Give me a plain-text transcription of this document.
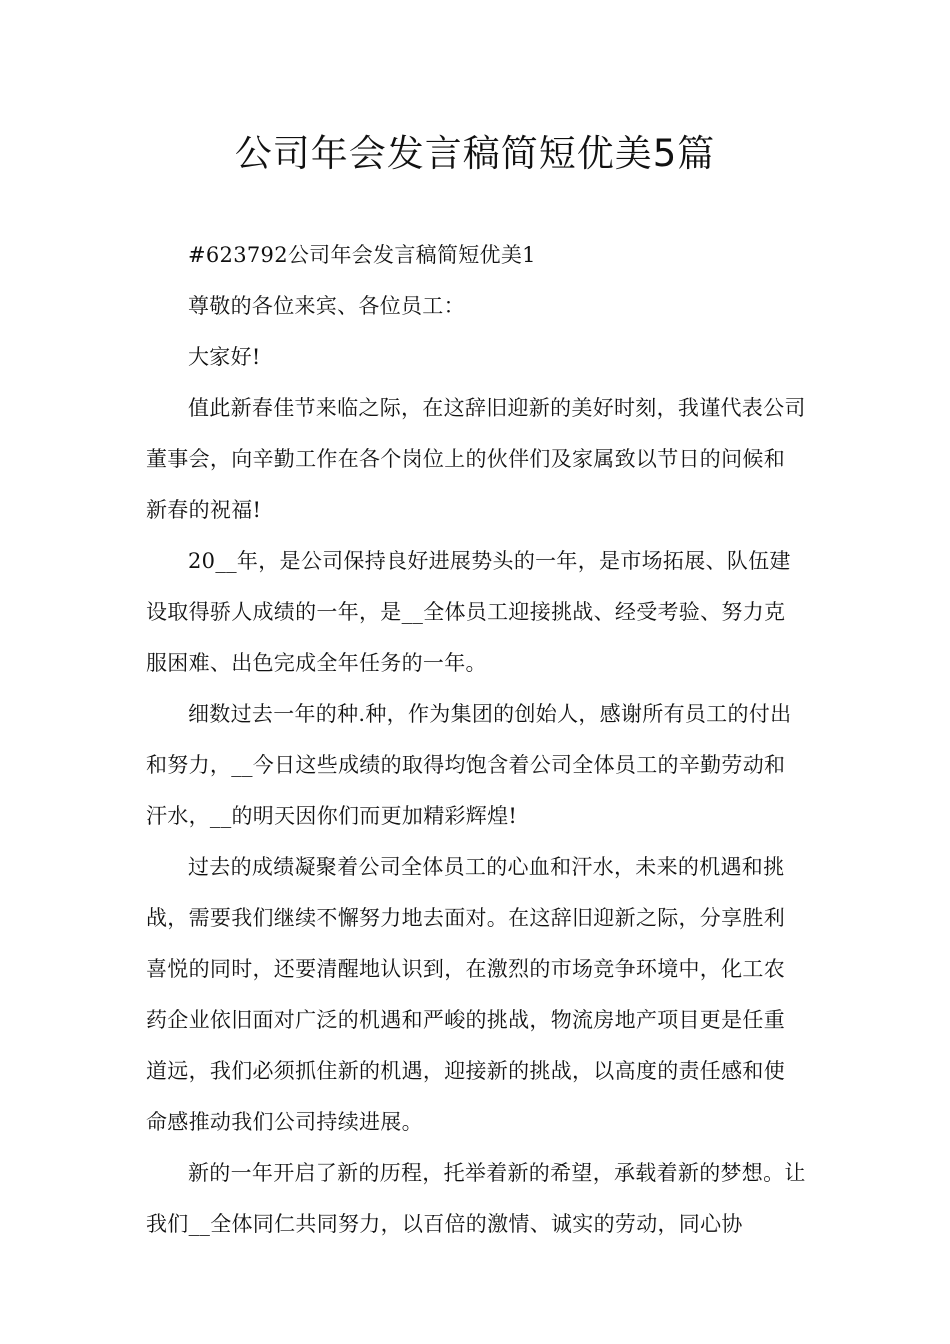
公司年会发言稿简短优美5篇

#623792公司年会发言稿简短优美1

尊敬的各位来宾、各位员工：

大家好!

值此新春佳节来临之际，在这辞旧迎新的美好时刻，我谨代表公司董事会，向辛勤工作在各个岗位上的伙伴们及家属致以节日的问候和新春的祝福!

20__年，是公司保持良好进展势头的一年，是市场拓展、队伍建设取得骄人成绩的一年，是__全体员工迎接挑战、经受考验、努力克服困难、出色完成全年任务的一年。

细数过去一年的种.种，作为集团的创始人，感谢所有员工的付出和努力，__今日这些成绩的取得均饱含着公司全体员工的辛勤劳动和汗水，__的明天因你们而更加精彩辉煌!

过去的成绩凝聚着公司全体员工的心血和汗水，未来的机遇和挑战，需要我们继续不懈努力地去面对。在这辞旧迎新之际，分享胜利喜悦的同时，还要清醒地认识到，在激烈的市场竞争环境中，化工农药企业依旧面对广泛的机遇和严峻的挑战，物流房地产项目更是任重道远，我们必须抓住新的机遇，迎接新的挑战，以高度的责任感和使命感推动我们公司持续进展。

新的一年开启了新的历程，托举着新的希望，承载着新的梦想。让我们__全体同仁共同努力，以百倍的激情、诚实的劳动，同心协
